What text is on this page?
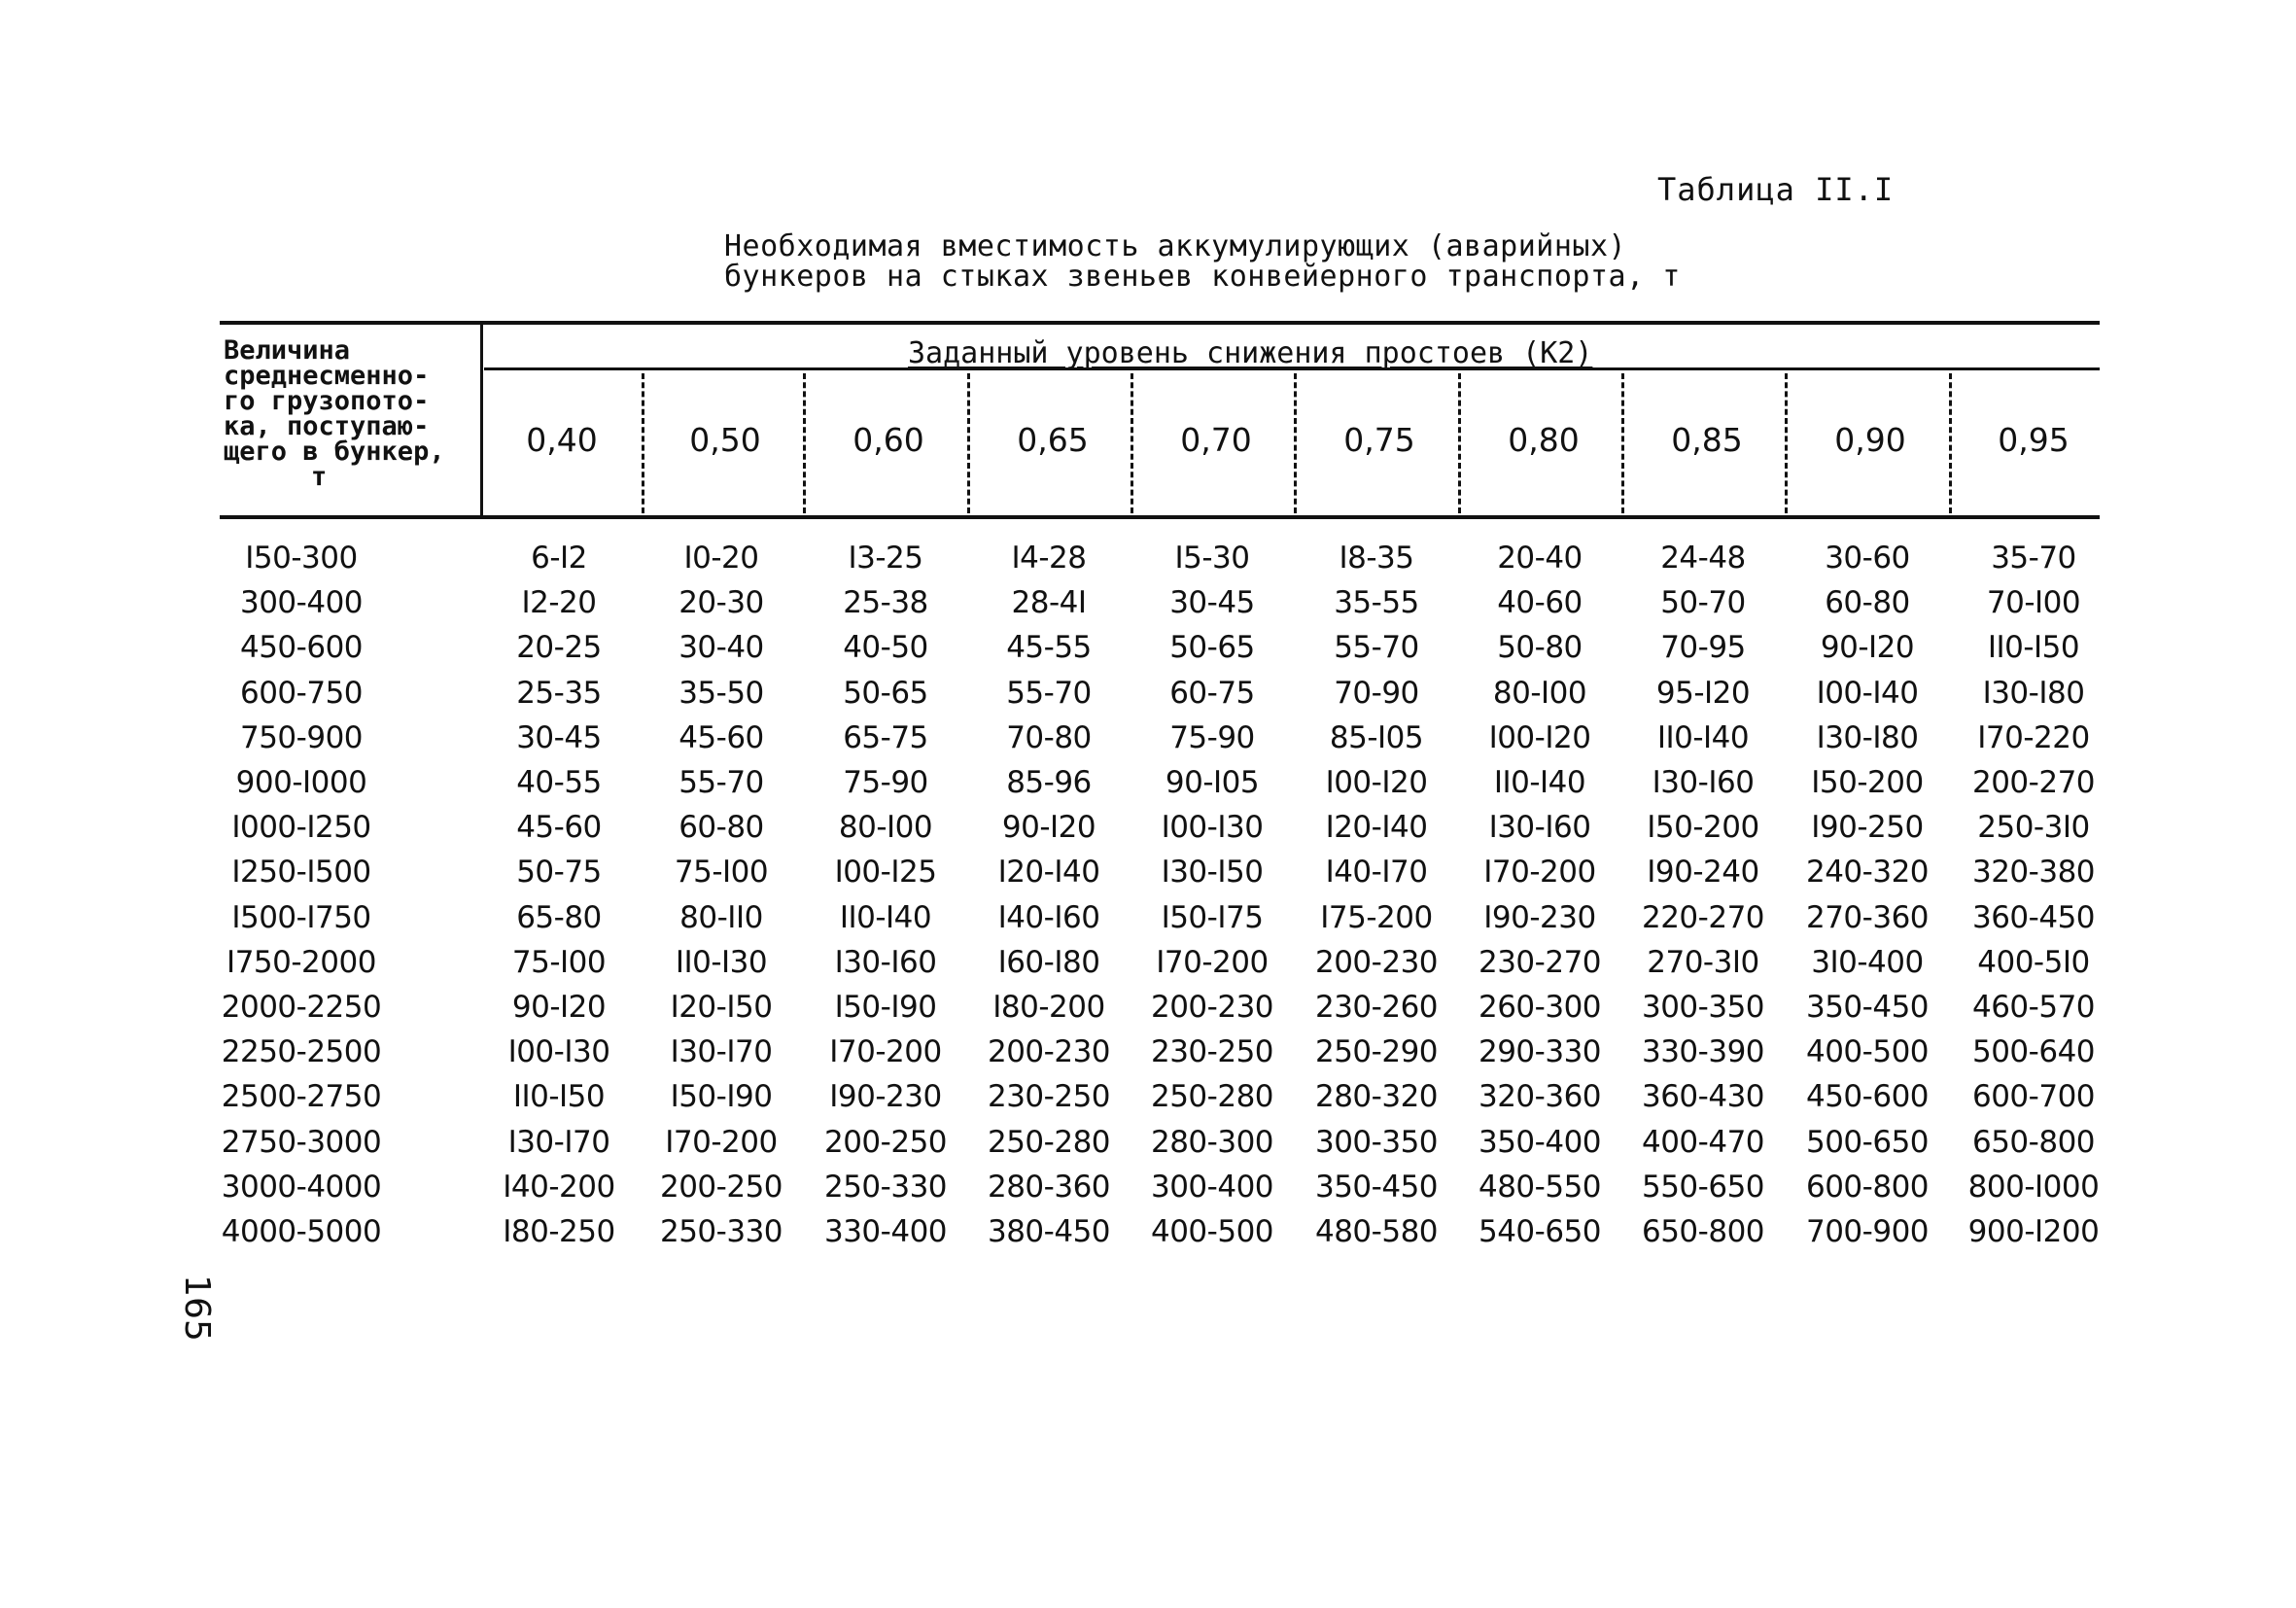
Таблица II.I
Необходимая вместимость аккумулирующих (аварийных)
бункеров на стыках звеньев конвейерного транспорта, т
Величина
среднесменно-
го грузопото-
ка, поступаю-
щего в бункер,
т
Заданный уровень снижения простоев (К2)
0,40	0,50	0,60	0,65	0,70	0,75	0,80	0,85	0,90	0,95
I50-300	6-I2	I0-20	I3-25	I4-28	I5-30	I8-35	20-40	24-48	30-60	35-70
300-400	I2-20	20-30	25-38	28-4I	30-45	35-55	40-60	50-70	60-80	70-I00
450-600	20-25	30-40	40-50	45-55	50-65	55-70	50-80	70-95	90-I20	II0-I50
600-750	25-35	35-50	50-65	55-70	60-75	70-90	80-I00	95-I20	I00-I40	I30-I80
750-900	30-45	45-60	65-75	70-80	75-90	85-I05	I00-I20	II0-I40	I30-I80	I70-220
900-I000	40-55	55-70	75-90	85-96	90-I05	I00-I20	II0-I40	I30-I60	I50-200	200-270
I000-I250	45-60	60-80	80-I00	90-I20	I00-I30	I20-I40	I30-I60	I50-200	I90-250	250-3I0
I250-I500	50-75	75-I00	I00-I25	I20-I40	I30-I50	I40-I70	I70-200	I90-240	240-320	320-380
I500-I750	65-80	80-II0	II0-I40	I40-I60	I50-I75	I75-200	I90-230	220-270	270-360	360-450
I750-2000	75-I00	II0-I30	I30-I60	I60-I80	I70-200	200-230	230-270	270-3I0	3I0-400	400-5I0
2000-2250	90-I20	I20-I50	I50-I90	I80-200	200-230	230-260	260-300	300-350	350-450	460-570
2250-2500	I00-I30	I30-I70	I70-200	200-230	230-250	250-290	290-330	330-390	400-500	500-640
2500-2750	II0-I50	I50-I90	I90-230	230-250	250-280	280-320	320-360	360-430	450-600	600-700
2750-3000	I30-I70	I70-200	200-250	250-280	280-300	300-350	350-400	400-470	500-650	650-800
3000-4000	I40-200	200-250	250-330	280-360	300-400	350-450	480-550	550-650	600-800	800-I000
4000-5000	I80-250	250-330	330-400	380-450	400-500	480-580	540-650	650-800	700-900	900-I200
165
